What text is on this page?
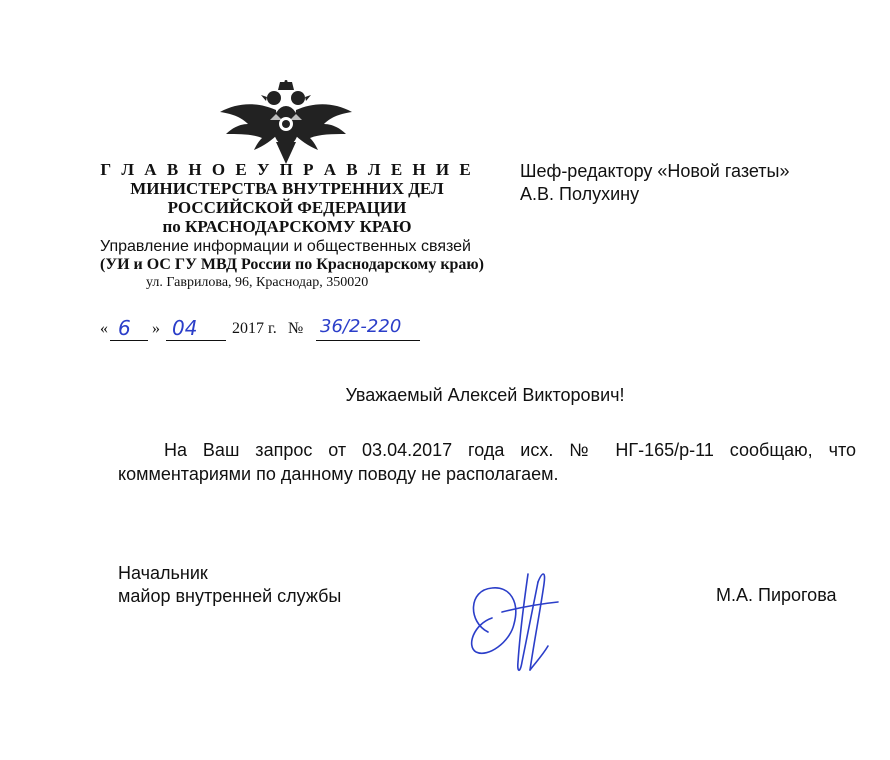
Г Л А В Н О Е У П Р А В Л Е Н И Е
МИНИСТЕРСТВА ВНУТРЕННИХ ДЕЛ
РОССИЙСКОЙ ФЕДЕРАЦИИ
по КРАСНОДАРСКОМУ КРАЮ
Управление информации и общественных связей
(УИ и ОС ГУ МВД России по Краснодарскому краю)
ул. Гаврилова, 96, Краснодар, 350020
Шеф-редактору «Новой газеты»
А.В. Полухину
« 6 » 04 2017 г. № 36/2-220
Уважаемый Алексей Викторович!
На Ваш запрос от 03.04.2017 года исх. № НГ-165/р-11 сообщаю, что
комментариями по данному поводу не располагаем.
Начальник
майор внутренней службы	М.А. Пирогова
